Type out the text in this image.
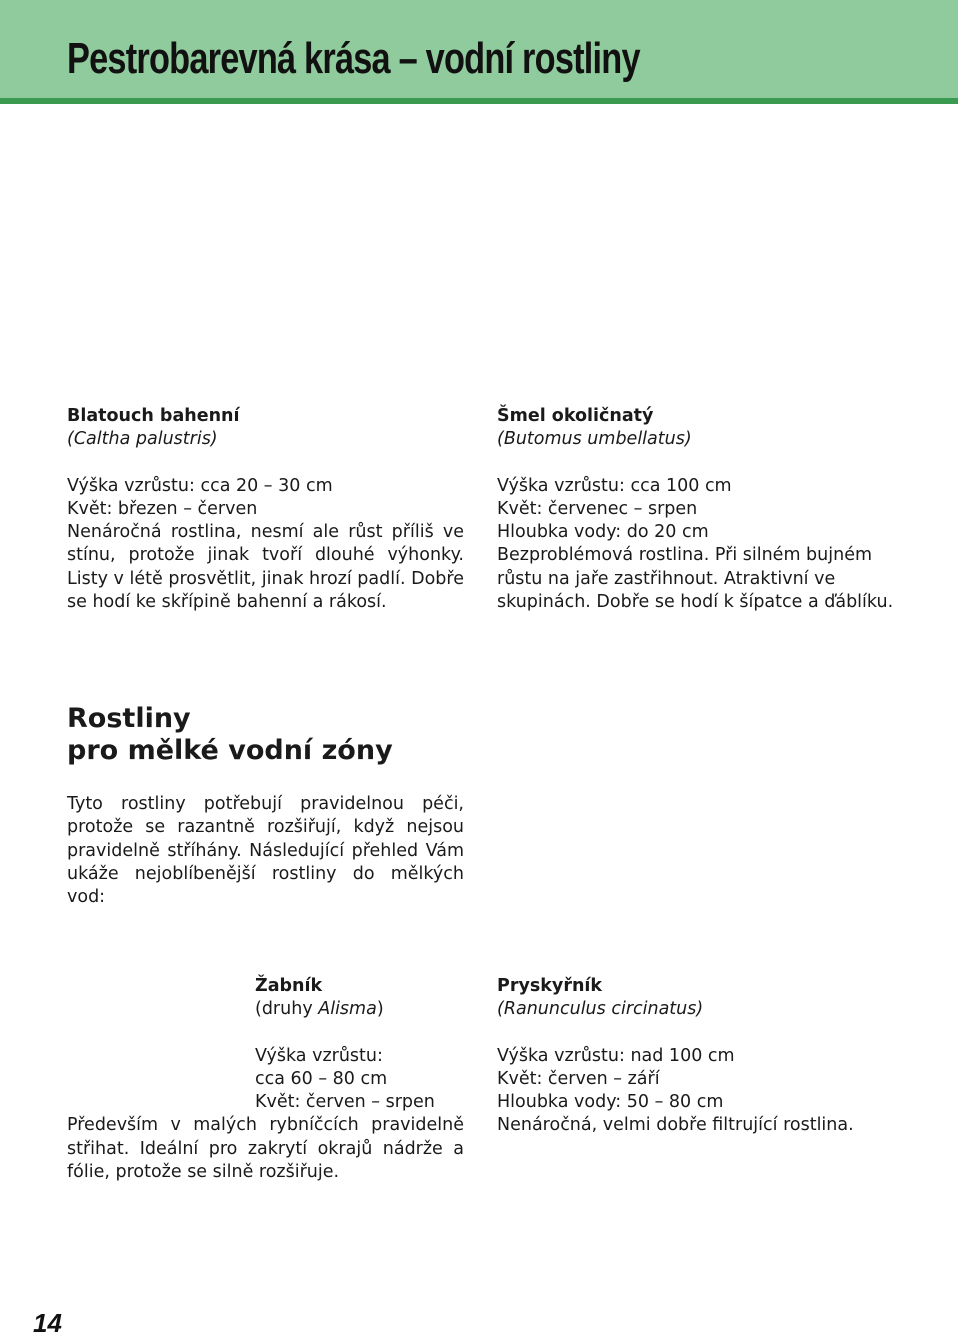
Pestrobarevná krása – vodní rostliny

Blatouch bahenní

(Caltha palustris)

Výška vzrůstu: cca 20 – 30 cm

Květ: březen – červen

Nenáročná rostlina, nesmí ale růst příliš ve stínu, protože jinak tvoří dlouhé výhonky. Listy v létě prosvětlit, jinak hrozí padlí. Dobře se hodí ke skřípině bahenní a rákosí.

Šmel okoličnatý

(Butomus umbellatus)

Výška vzrůstu: cca 100 cm

Květ: červenec – srpen

Hloubka vody: do 20 cm

Bezproblémová rostlina. Při silném bujném růstu na jaře zastřihnout. Atraktivní ve skupinách. Dobře se hodí k šípatce a ďáblíku.

Rostliny
pro mělké vodní zóny

Tyto rostliny potřebují pravidelnou péči, protože se razantně rozšiřují, když nejsou pravidelně stříhány. Následující přehled Vám ukáže nejoblíbenější rostliny do mělkých vod:

Žabník

(druhy Alisma)

Výška vzrůstu:

cca 60 – 80 cm

Květ: červen – srpen

Především v malých rybníčcích pravidelně střihat. Ideální pro zakrytí okrajů nádrže a fólie, protože se silně rozšiřuje.

Pryskyřník

(Ranunculus circinatus)

Výška vzrůstu: nad 100 cm

Květ: červen – září

Hloubka vody: 50 – 80 cm

Nenáročná, velmi dobře filtrující rostlina.

14
